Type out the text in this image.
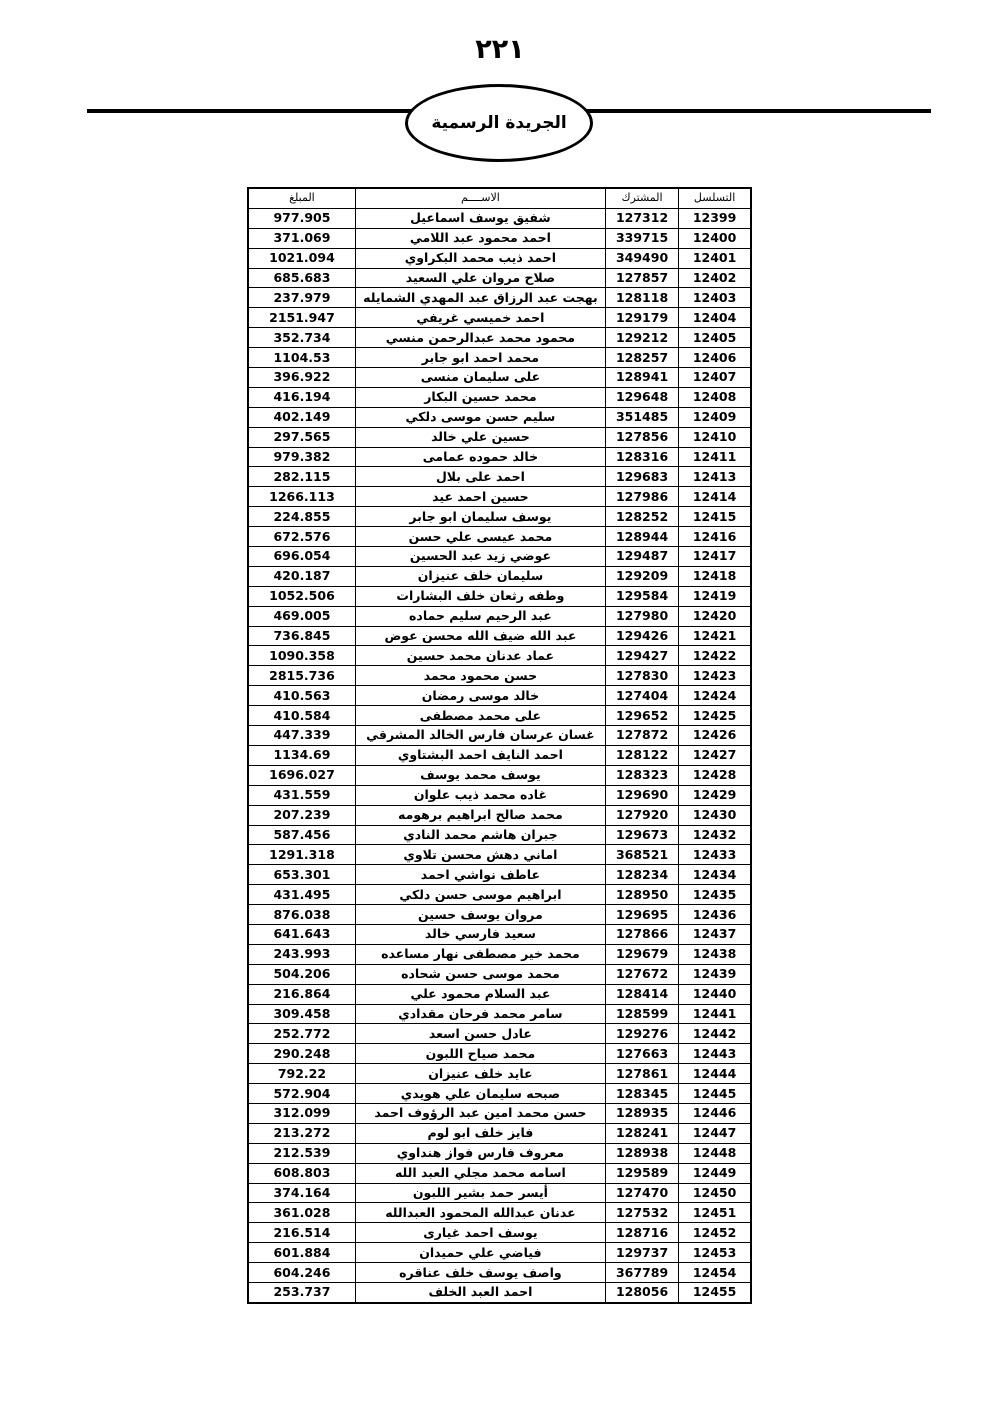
٢٢١
الجريدة الرسمية
المبلغ	الاســــم	المشترك	التسلسل
977.905	شفيق يوسف اسماعيل	127312	12399
371.069	احمد محمود عبد اللامي	339715	12400
1021.094	احمد ذيب محمد البكراوي	349490	12401
685.683	صلاح مروان علي السعيد	127857	12402
237.979	بهجت عبد الرزاق عبد المهدي الشمايله	128118	12403
2151.947	احمد خميسي غريفي	129179	12404
352.734	محمود محمد عبدالرحمن منسي	129212	12405
1104.53	محمد احمد ابو جابر	128257	12406
396.922	على سليمان منسى	128941	12407
416.194	محمد حسين البكار	129648	12408
402.149	سليم حسن موسى دلكي	351485	12409
297.565	حسين علي خالد	127856	12410
979.382	خالد حموده عمامى	128316	12411
282.115	احمد على بلال	129683	12413
1266.113	حسين احمد عيد	127986	12414
224.855	يوسف سليمان ابو جابر	128252	12415
672.576	محمد عيسى علي حسن	128944	12416
696.054	عوضي زيد عبد الحسين	129487	12417
420.187	سليمان خلف عنيزان	129209	12418
1052.506	وطفه رثعان خلف البشارات	129584	12419
469.005	عبد الرحيم سليم حماده	127980	12420
736.845	عبد الله ضيف الله محسن عوض	129426	12421
1090.358	عماد عدنان محمد حسين	129427	12422
2815.736	حسن محمود محمد	127830	12423
410.563	خالد موسى رمضان	127404	12424
410.584	على محمد مصطفى	129652	12425
447.339	غسان عرسان فارس الخالد المشرقي	127872	12426
1134.69	احمد النايف احمد البشتاوي	128122	12427
1696.027	يوسف محمد يوسف	128323	12428
431.559	غاده محمد ذيب علوان	129690	12429
207.239	محمد صالح ابراهيم برهومه	127920	12430
587.456	جبران هاشم محمد النادي	129673	12432
1291.318	اماني دهش محسن تلاوي	368521	12433
653.301	عاطف نواشي احمد	128234	12434
431.495	ابراهيم موسى حسن دلكي	128950	12435
876.038	مروان يوسف حسين	129695	12436
641.643	سعيد فارسي خالد	127866	12437
243.993	محمد خير مصطفى نهار مساعده	129679	12438
504.206	محمد موسى حسن شحاده	127672	12439
216.864	عبد السلام محمود علي	128414	12440
309.458	سامر محمد فرحان مقدادي	128599	12441
252.772	عادل حسن اسعد	129276	12442
290.248	محمد صياح اللبون	127663	12443
792.22	عايد خلف عنيزان	127861	12444
572.904	صبحه سليمان علي هويدي	128345	12445
312.099	حسن محمد امين عبد الرؤوف احمد	128935	12446
213.272	فايز خلف ابو لوم	128241	12447
212.539	معروف فارس فواز هنداوي	128938	12448
608.803	اسامه محمد مجلي العبد الله	129589	12449
374.164	أيسر حمد بشير اللبون	127470	12450
361.028	عدنان عبدالله المحمود العبدالله	127532	12451
216.514	يوسف احمد غيارى	128716	12452
601.884	فياضي علي حميدان	129737	12453
604.246	واصف يوسف خلف عناقره	367789	12454
253.737	احمد العبد الخلف	128056	12455
